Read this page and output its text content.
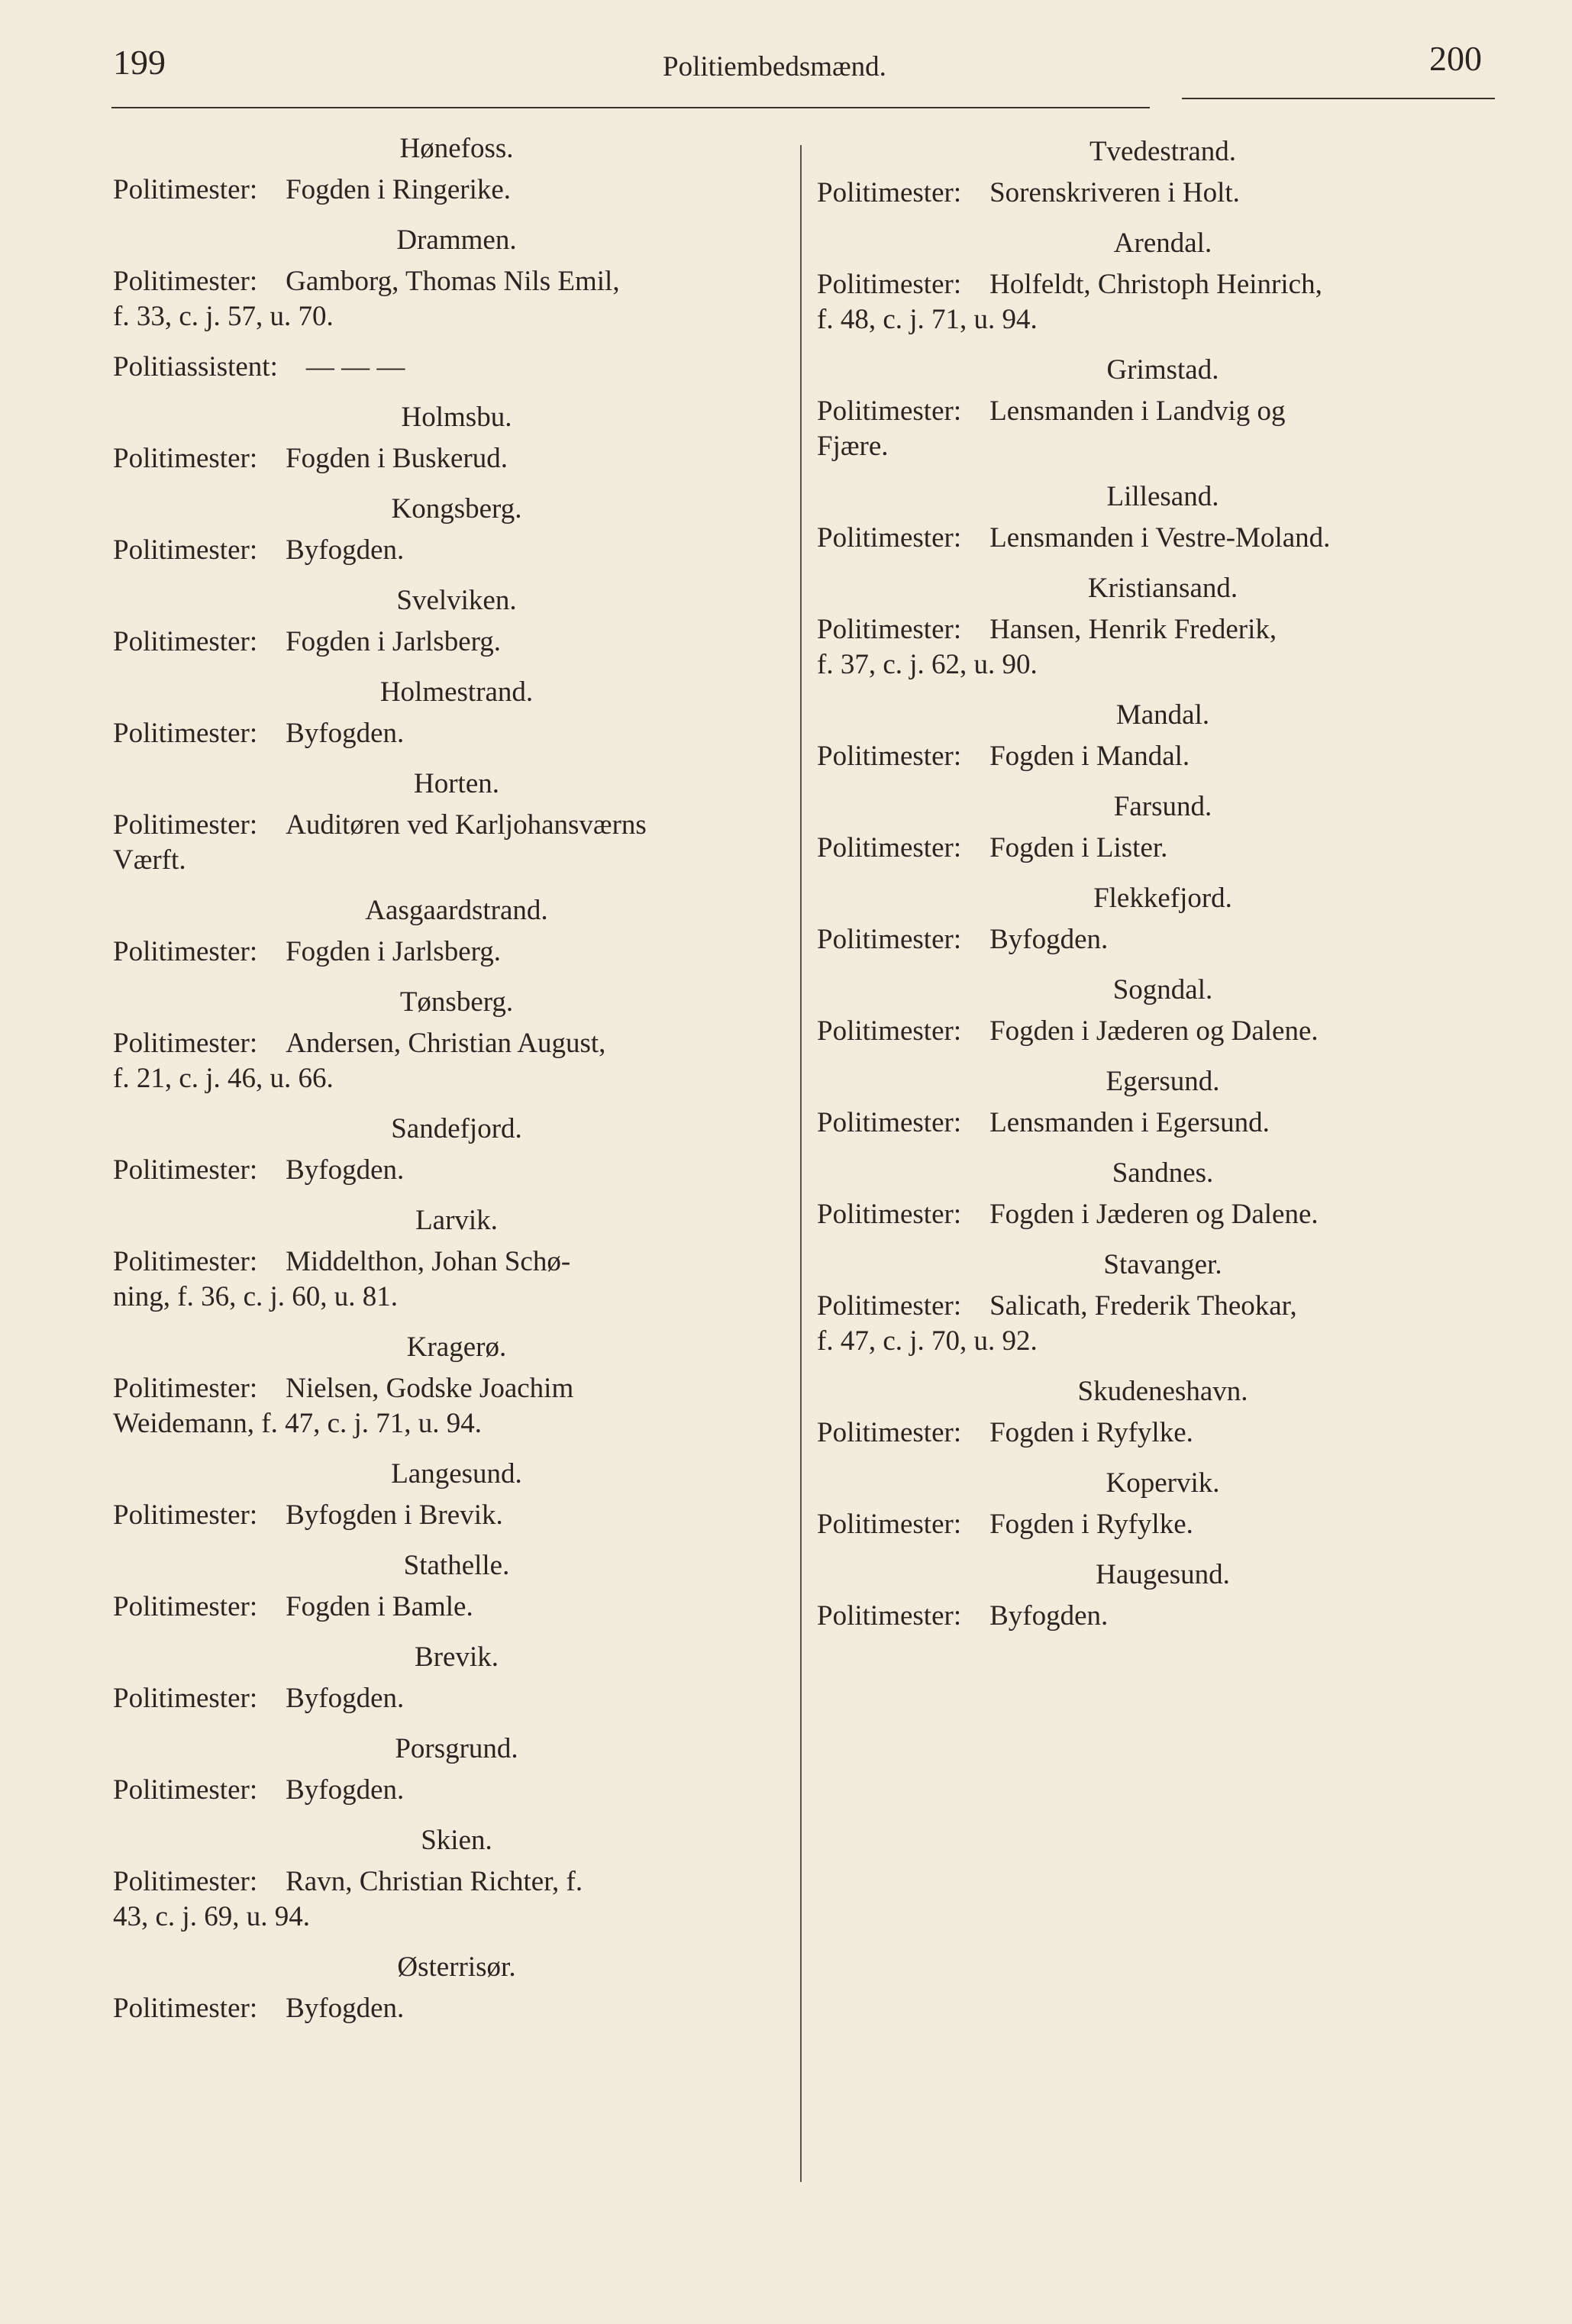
199	Politiembedsmænd.	200
Hønefoss.
Politimester:  Fogden i Ringerike.
Drammen.
Politimester:  Gamborg, Thomas Nils Emil,
f. 33, c. j. 57, u. 70.
Politiassistent:  — — —
Holmsbu.
Politimester:  Fogden i Buskerud.
Kongsberg.
Politimester:  Byfogden.
Svelviken.
Politimester:  Fogden i Jarlsberg.
Holmestrand.
Politimester:  Byfogden.
Horten.
Politimester:  Auditøren ved Karljohansværns
Værft.
Aasgaardstrand.
Politimester:  Fogden i Jarlsberg.
Tønsberg.
Politimester:  Andersen, Christian August,
f. 21, c. j. 46, u. 66.
Sandefjord.
Politimester:  Byfogden.
Larvik.
Politimester:  Middelthon, Johan Schø-
ning, f. 36, c. j. 60, u. 81.
Kragerø.
Politimester:  Nielsen, Godske Joachim
Weidemann, f. 47, c. j. 71, u. 94.
Langesund.
Politimester:  Byfogden i Brevik.
Stathelle.
Politimester:  Fogden i Bamle.
Brevik.
Politimester:  Byfogden.
Porsgrund.
Politimester:  Byfogden.
Skien.
Politimester:  Ravn, Christian Richter, f.
43, c. j. 69, u. 94.
Østerrisør.
Politimester:  Byfogden.
Tvedestrand.
Politimester:  Sorenskriveren i Holt.
Arendal.
Politimester:  Holfeldt, Christoph Heinrich,
f. 48, c. j. 71, u. 94.
Grimstad.
Politimester:  Lensmanden i Landvig og
Fjære.
Lillesand.
Politimester:  Lensmanden i Vestre-Moland.
Kristiansand.
Politimester:  Hansen, Henrik Frederik,
f. 37, c. j. 62, u. 90.
Mandal.
Politimester:  Fogden i Mandal.
Farsund.
Politimester:  Fogden i Lister.
Flekkefjord.
Politimester:  Byfogden.
Sogndal.
Politimester:  Fogden i Jæderen og Dalene.
Egersund.
Politimester:  Lensmanden i Egersund.
Sandnes.
Politimester:  Fogden i Jæderen og Dalene.
Stavanger.
Politimester:  Salicath, Frederik Theokar,
f. 47, c. j. 70, u. 92.
Skudeneshavn.
Politimester:  Fogden i Ryfylke.
Kopervik.
Politimester:  Fogden i Ryfylke.
Haugesund.
Politimester:  Byfogden.
